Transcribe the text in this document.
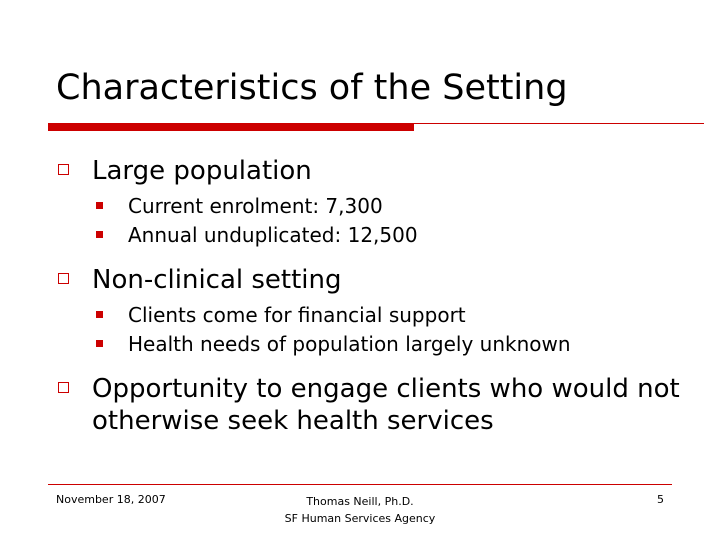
Characteristics of the Setting
Large population
Current enrolment: 7,300
Annual unduplicated: 12,500
Non-clinical setting
Clients come for financial support
Health needs of population largely unknown
Opportunity to engage clients who would not otherwise seek health services
November 18, 2007	Thomas Neill, Ph.D.
SF Human Services Agency
5
